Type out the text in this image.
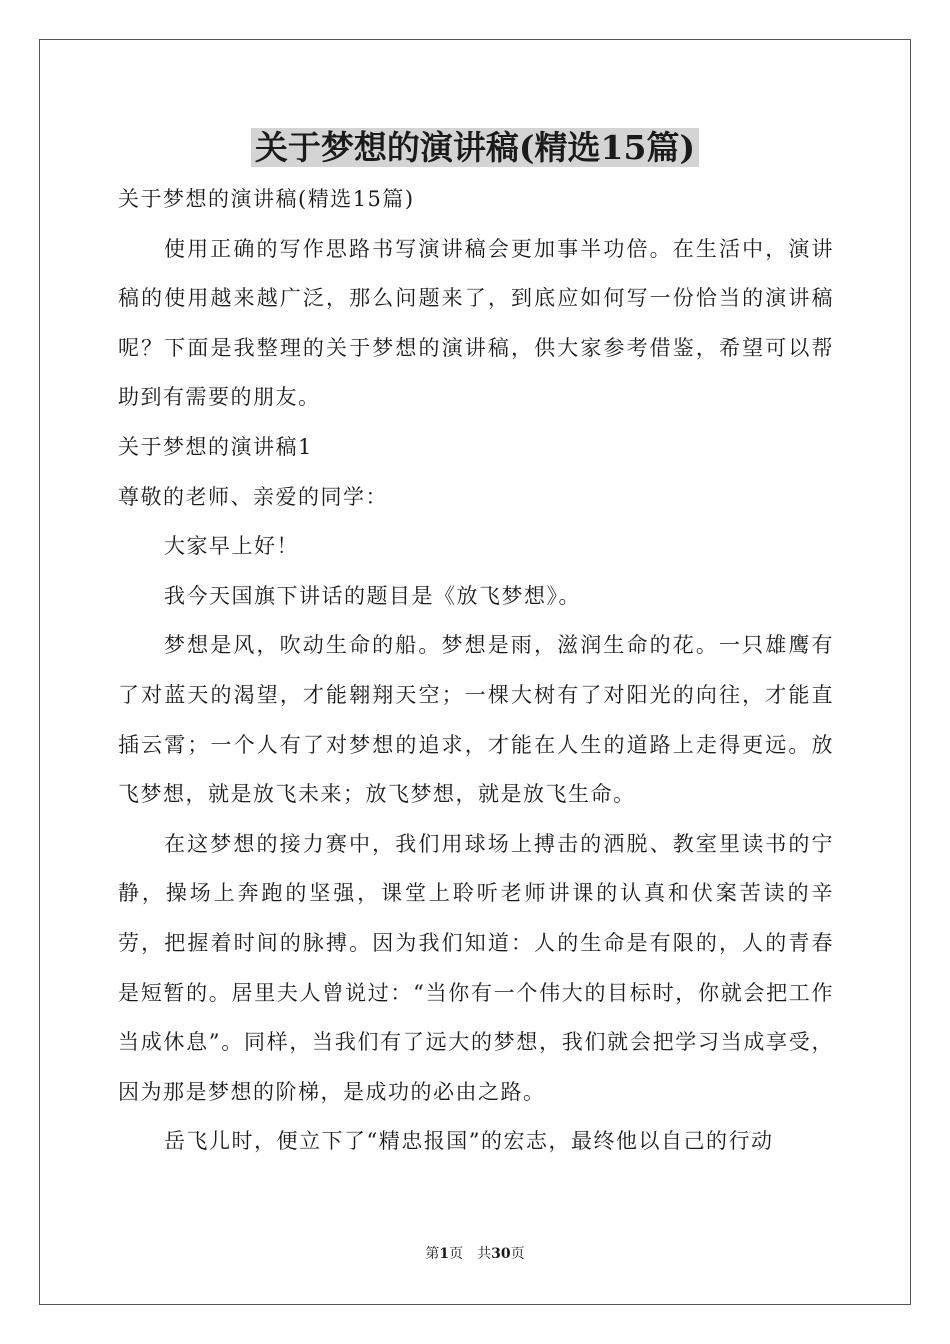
关于梦想的演讲稿(精选15篇)

关于梦想的演讲稿(精选15篇)

使用正确的写作思路书写演讲稿会更加事半功倍。在生活中，演讲稿的使用越来越广泛，那么问题来了，到底应如何写一份恰当的演讲稿呢？下面是我整理的关于梦想的演讲稿，供大家参考借鉴，希望可以帮助到有需要的朋友。

关于梦想的演讲稿1

尊敬的老师、亲爱的同学：

大家早上好！

我今天国旗下讲话的题目是《放飞梦想》。

梦想是风，吹动生命的船。梦想是雨，滋润生命的花。一只雄鹰有了对蓝天的渴望，才能翱翔天空；一棵大树有了对阳光的向往，才能直插云霄；一个人有了对梦想的追求，才能在人生的道路上走得更远。放飞梦想，就是放飞未来；放飞梦想，就是放飞生命。

在这梦想的接力赛中，我们用球场上搏击的洒脱、教室里读书的宁静，操场上奔跑的坚强，课堂上聆听老师讲课的认真和伏案苦读的辛劳，把握着时间的脉搏。因为我们知道：人的生命是有限的，人的青春是短暂的。居里夫人曾说过：“当你有一个伟大的目标时，你就会把工作当成休息”。同样，当我们有了远大的梦想，我们就会把学习当成享受，因为那是梦想的阶梯，是成功的必由之路。

岳飞儿时，便立下了“精忠报国”的宏志，最终他以自己的行动

第1页 共30页
